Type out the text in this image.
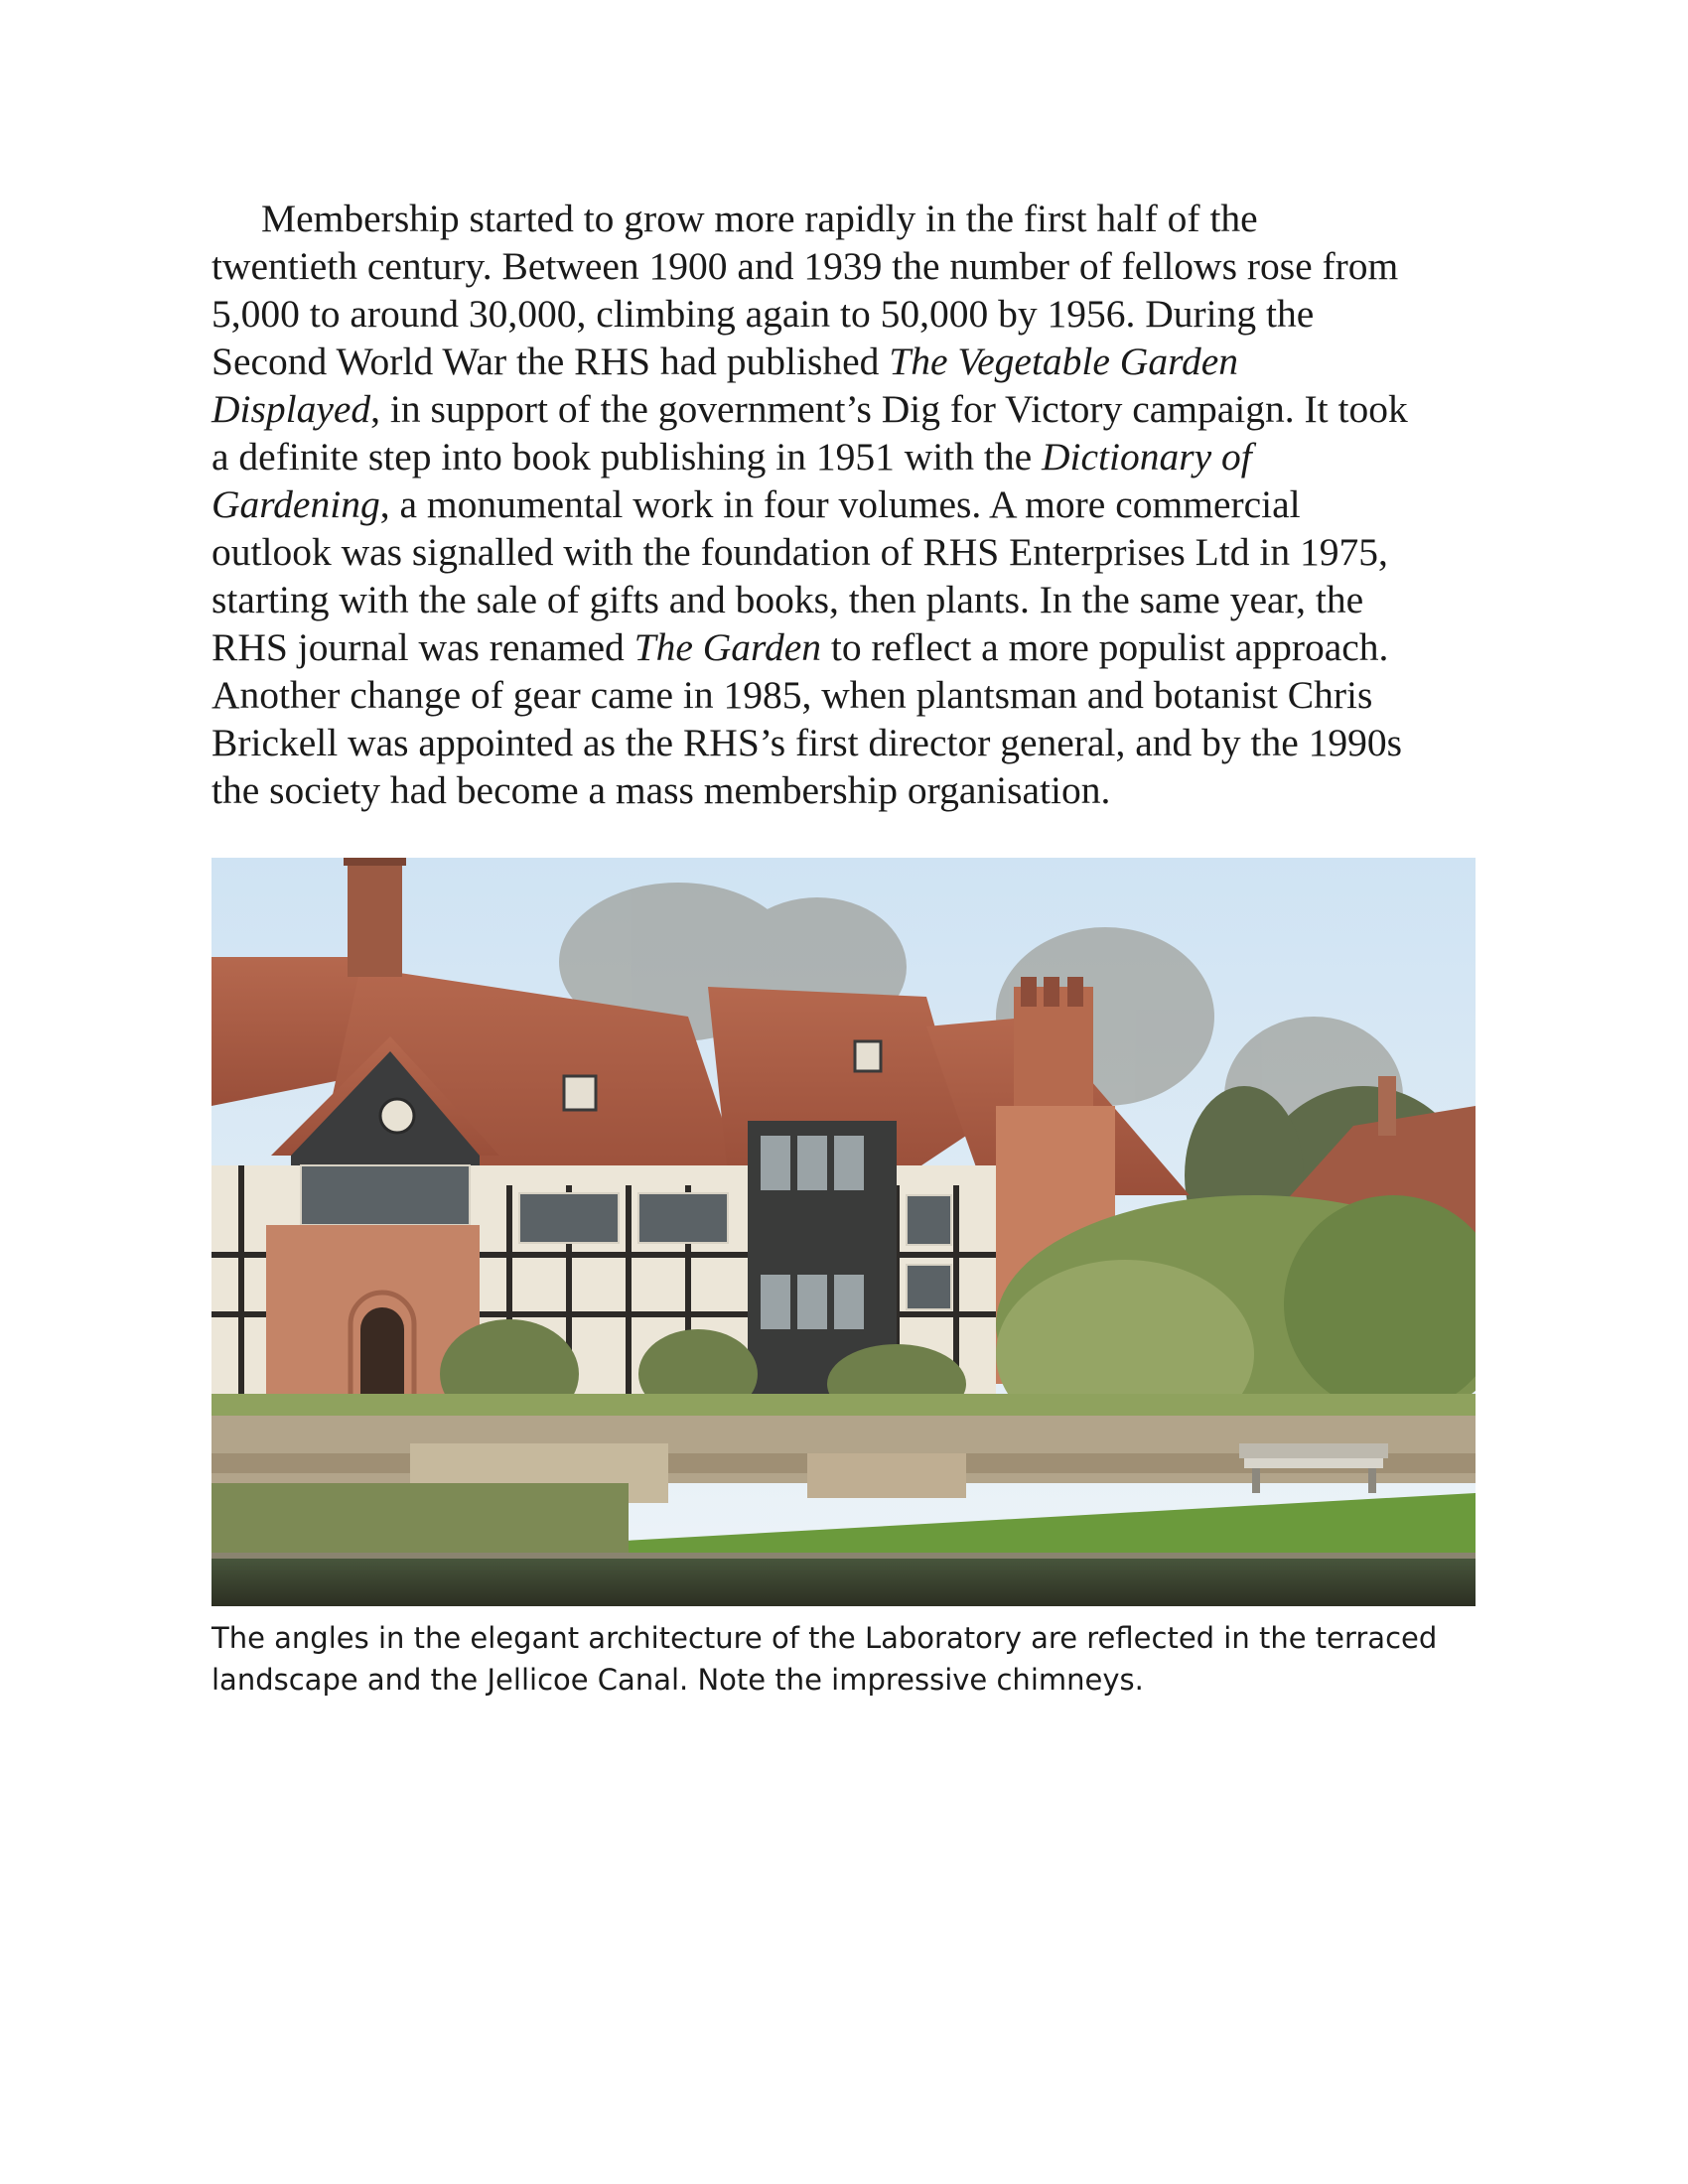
Membership started to grow more rapidly in the first half of the
twentieth century. Between 1900 and 1939 the number of fellows rose from
5,000 to around 30,000, climbing again to 50,000 by 1956. During the
Second World War the RHS had published The Vegetable Garden
Displayed, in support of the government’s Dig for Victory campaign. It took
a definite step into book publishing in 1951 with the Dictionary of
Gardening, a monumental work in four volumes. A more commercial
outlook was signalled with the foundation of RHS Enterprises Ltd in 1975,
starting with the sale of gifts and books, then plants. In the same year, the
RHS journal was renamed The Garden to reflect a more populist approach.
Another change of gear came in 1985, when plantsman and botanist Chris
Brickell was appointed as the RHS’s first director general, and by the 1990s
the society had become a mass membership organisation.
The angles in the elegant architecture of the Laboratory are reflected in the terraced
landscape and the Jellicoe Canal. Note the impressive chimneys.
